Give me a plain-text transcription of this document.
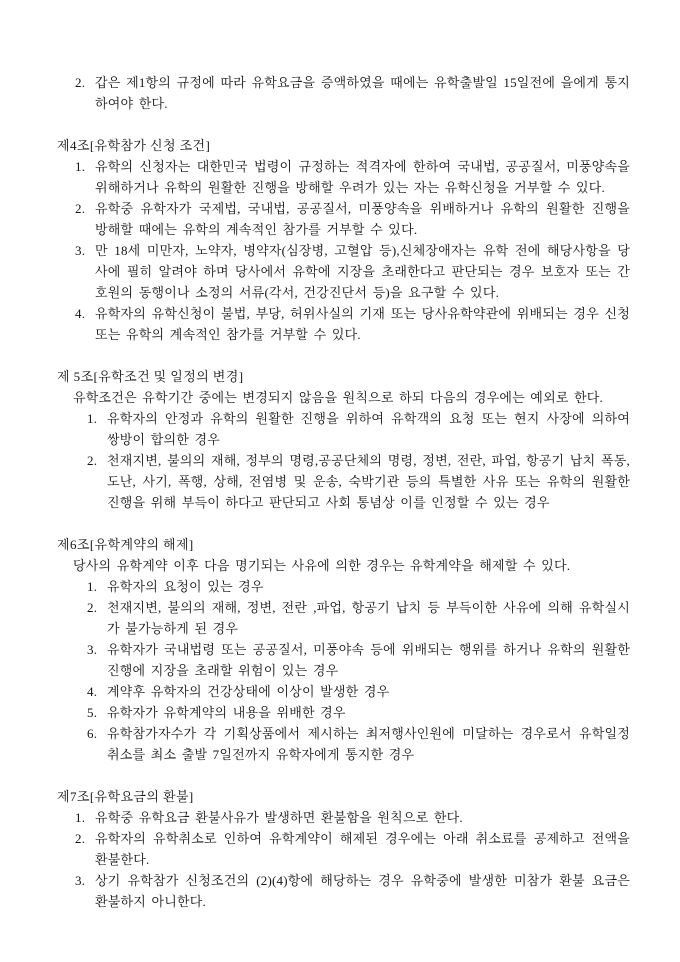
2. 갑은 제1항의 규정에 따라 유학요금을 증액하였을 때에는 유학출발일 15일전에 을에게 통지하여야 한다.
제4조[유학참가 신청 조건]
1. 유학의 신청자는 대한민국 법령이 규정하는 적격자에 한하여 국내법, 공공질서, 미풍양속을 위해하거나 유학의 원활한 진행을 방해할 우려가 있는 자는 유학신청을 거부할 수 있다.
2. 유학중 유학자가 국제법, 국내법, 공공질서, 미풍양속을 위배하거나 유학의 원활한 진행을 방해할 때에는 유학의 계속적인 참가를 거부할 수 있다.
3. 만 18세 미만자, 노약자, 병약자(심장병, 고혈압 등),신체장애자는 유학 전에 해당사항을 당사에 필히 알려야 하며 당사에서 유학에 지장을 초래한다고 판단되는 경우 보호자 또는 간호원의 동행이나 소정의 서류(각서, 건강진단서 등)을 요구할 수 있다.
4. 유학자의 유학신청이 불법, 부당, 허위사실의 기재 또는 당사유학약관에 위배되는 경우 신청 또는 유학의 계속적인 참가를 거부할 수 있다.
제 5조[유학조건 및 일정의 변경]
유학조건은 유학기간 중에는 변경되지 않음을 원칙으로 하되 다음의 경우에는 예외로 한다.
1. 유학자의 안정과 유학의 원활한 진행을 위하여 유학객의 요청 또는 현지 사장에 의하여 쌍방이 합의한 경우
2. 천재지변, 불의의 재해, 정부의 명령,공공단체의 명령, 정변, 전란, 파업, 항공기 납치 폭동,도난, 사기, 폭행, 상해, 전염병 및 운송, 숙박기관 등의 특별한 사유 또는 유학의 원활한 진행을 위해 부득이 하다고 판단되고 사회 통념상 이를 인정할 수 있는 경우
제6조[유학계약의 해제]
당사의 유학계약 이후 다음 명기되는 사유에 의한 경우는 유학계약을 해제할 수 있다.
1. 유학자의 요청이 있는 경우
2. 천재지변, 불의의 재해, 정변, 전란 ,파업, 항공기 납치 등 부득이한 사유에 의해 유학실시가 불가능하게 된 경우
3. 유학자가 국내법령 또는 공공질서, 미풍야속 등에 위배되는 행위를 하거나 유학의 원활한 진행에 지장을 초래할 위험이 있는 경우
4. 계약후 유학자의 건강상태에 이상이 발생한 경우
5. 유학자가 유학계약의 내용을 위배한 경우
6. 유학참가자수가 각 기획상품에서 제시하는 최저행사인원에 미달하는 경우로서 유학일정 취소를 최소 출발 7일전까지 유학자에게 통지한 경우
제7조[유학요금의 환불]
1. 유학중 유학요금 환불사유가 발생하면 환불함을 원칙으로 한다.
2. 유학자의 유학취소로 인하여 유학계약이 해제된 경우에는 아래 취소료를 공제하고 전액을 환불한다.
3. 상기 유학참가 신청조건의 (2)(4)항에 해당하는 경우 유학중에 발생한 미참가 환불 요금은 환불하지 아니한다.
